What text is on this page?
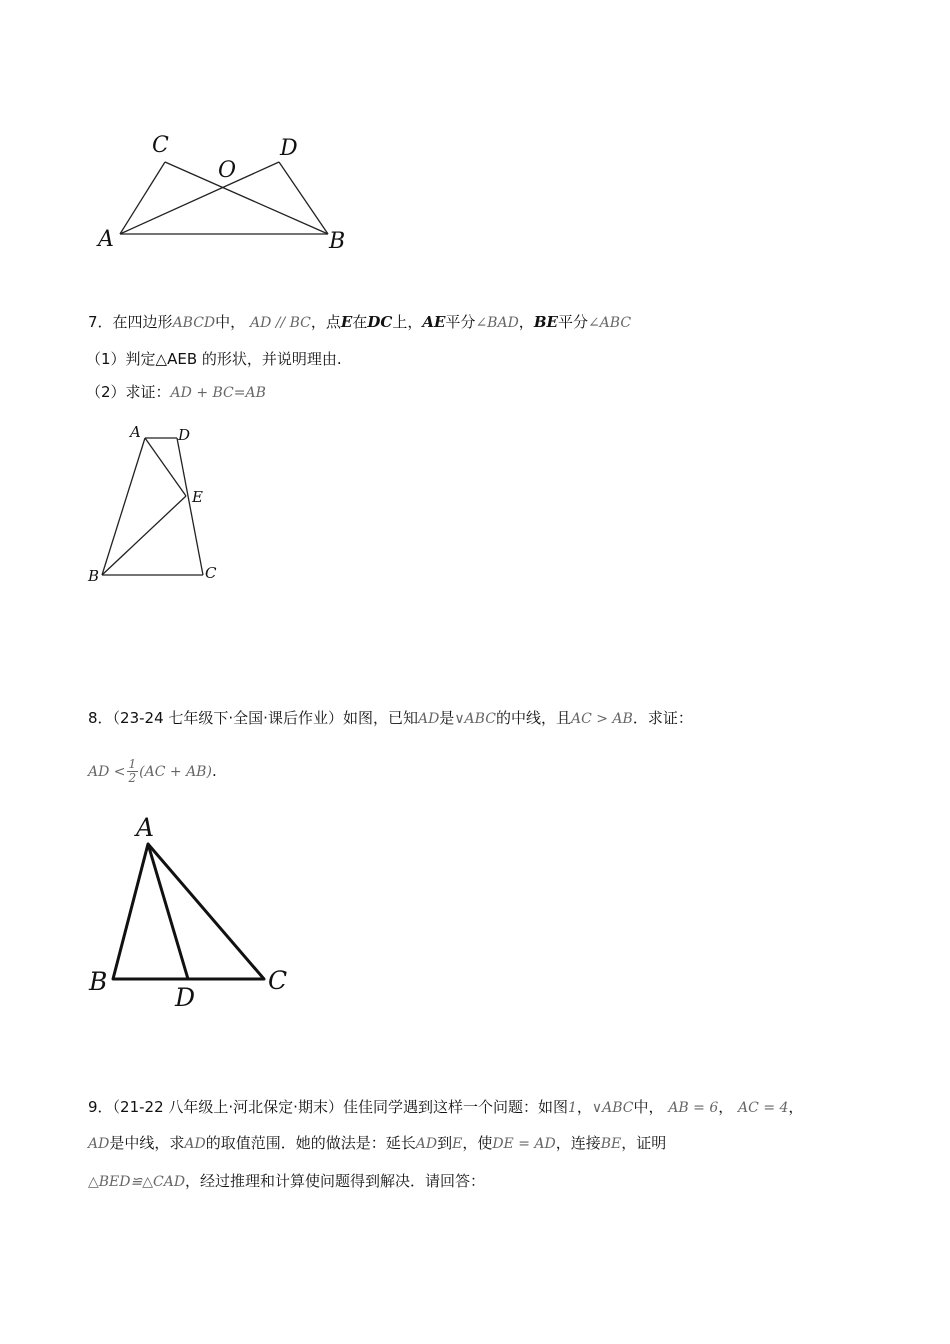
C	D
O
A	B
7．在四边形ABCD中， AD // BC，点E在DC上，AE平分∠BAD，BE平分∠ABC
（1）判定△AEB 的形状，并说明理由.
（2）求证：AD + BC=AB
A D
E
B	C
8．（23-24 七年级下·全国·课后作业）如图，已知AD是∨ABC的中线，且AC > AB．求证：
AD < $\frac{1}{2} (AC + AB)$.
A
B
D
C
9．（21-22 八年级上·河北保定·期末）佳佳同学遇到这样一个问题：如图1，∨ABC中， AB = 6， AC = 4，
AD是中线，求AD的取值范围．她的做法是：延长AD到E，使DE = AD，连接BE，证明
△BED≌△CAD，经过推理和计算使问题得到解决．请回答：
